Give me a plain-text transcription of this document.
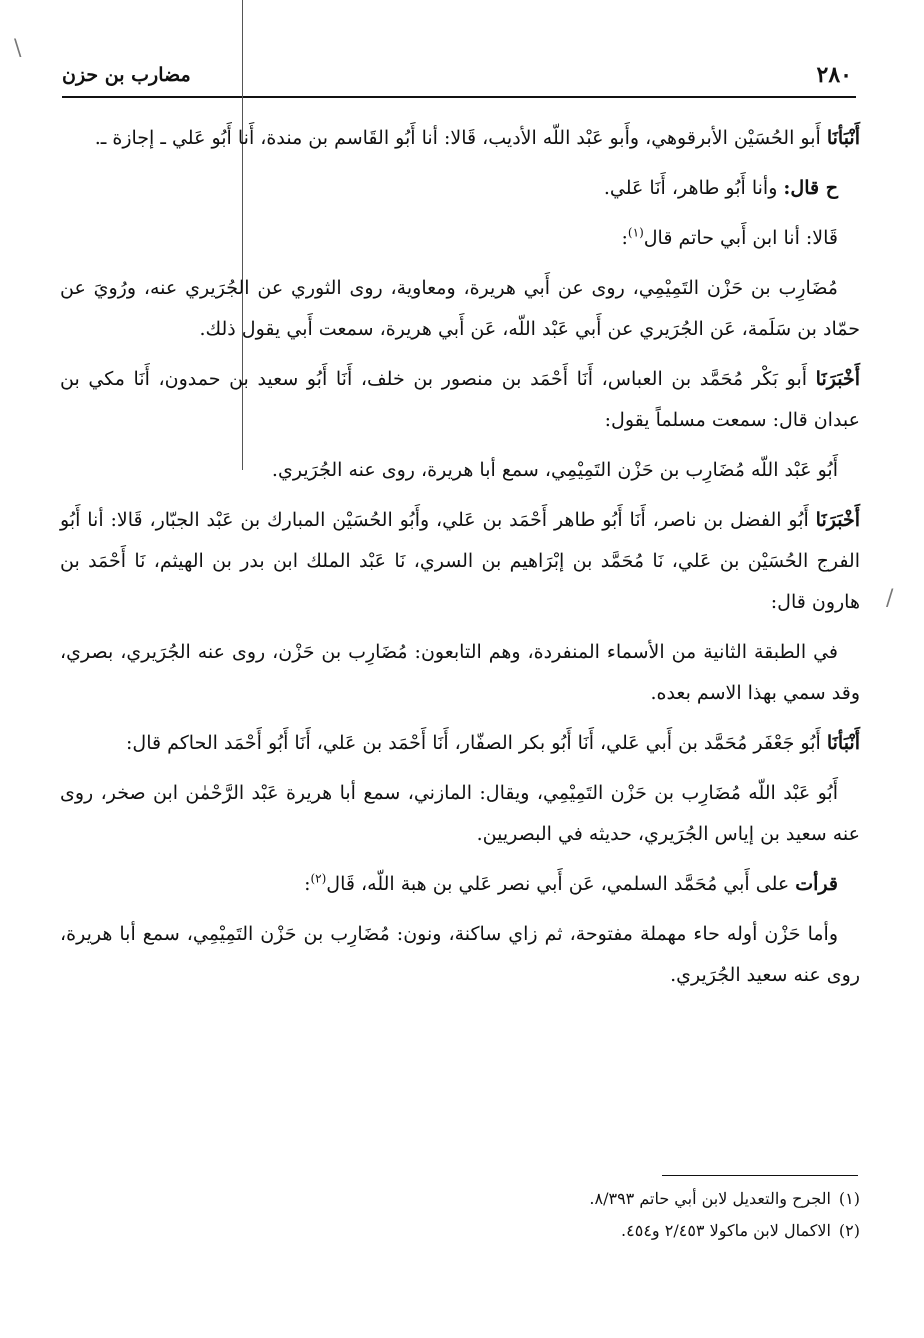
٢٨٠
مضارب بن حزن
\
/

أَنْبَأنَا أَبو الحُسَيْن الأبرقوهي، وأَبو عَبْد اللّه الأديب، قَالا: أنا أَبُو القَاسم بن مندة، أَنا أَبُو عَلي ـ إجازة ـ.

ح قال: وأنا أَبُو طاهر، أَنَا عَلي.

قَالا: أنا ابن أَبي حاتم قال$^{(١)}$:

مُضَارِب بن حَزْن التَمِيْمِي، روى عن أَبي هريرة، ومعاوية، روى الثوري عن الجُرَيري عنه، ورُويَ عن حمّاد بن سَلَمة، عَن الجُرَيري عن أَبي عَبْد اللّه، عَن أَبي هريرة، سمعت أَبي يقول ذلك.

أَخْبَرَنَا أَبو بَكْر مُحَمَّد بن العباس، أَنَا أَحْمَد بن منصور بن خلف، أَنَا أَبُو سعيد بن حمدون، أَنَا مكي بن عبدان قال: سمعت مسلماً يقول:

أَبُو عَبْد اللّه مُضَارِب بن حَزْن التَمِيْمِي، سمع أبا هريرة، روى عنه الجُرَيري.

أَخْبَرَنَا أَبُو الفضل بن ناصر، أَنَا أَبُو طاهر أَحْمَد بن عَلي، وأَبُو الحُسَيْن المبارك بن عَبْد الجبّار، قَالا: أنا أَبُو الفرج الحُسَيْن بن عَلي، نَا مُحَمَّد بن إبْرَاهيم بن السري، نَا عَبْد الملك ابن بدر بن الهيثم، نَا أَحْمَد بن هارون قال:

في الطبقة الثانية من الأسماء المنفردة، وهم التابعون: مُضَارِب بن حَزْن، روى عنه الجُرَيري، بصري، وقد سمي بهذا الاسم بعده.

أَنْبَأنَا أَبُو جَعْفَر مُحَمَّد بن أَبي عَلي، أَنَا أَبُو بكر الصفّار، أَنَا أَحْمَد بن عَلي، أَنَا أَبُو أَحْمَد الحاكم قال:

أَبُو عَبْد اللّه مُضَارِب بن حَزْن التَمِيْمِي، ويقال: المازني، سمع أبا هريرة عَبْد الرَّحْمٰن ابن صخر، روى عنه سعيد بن إياس الجُرَيري، حديثه في البصريين.

قرأت على أَبي مُحَمَّد السلمي، عَن أَبي نصر عَلي بن هبة اللّه، قَال$^{(٢)}$:

وأما حَزْن أوله حاء مهملة مفتوحة، ثم زاي ساكنة، ونون: مُضَارِب بن حَزْن التَمِيْمِي، سمع أبا هريرة، روى عنه سعيد الجُرَيري.

(١)الجرح والتعديل لابن أبي حاتم ٨/٣٩٣.

(٢)الاكمال لابن ماكولا ٢/٤٥٣ و٤٥٤.
